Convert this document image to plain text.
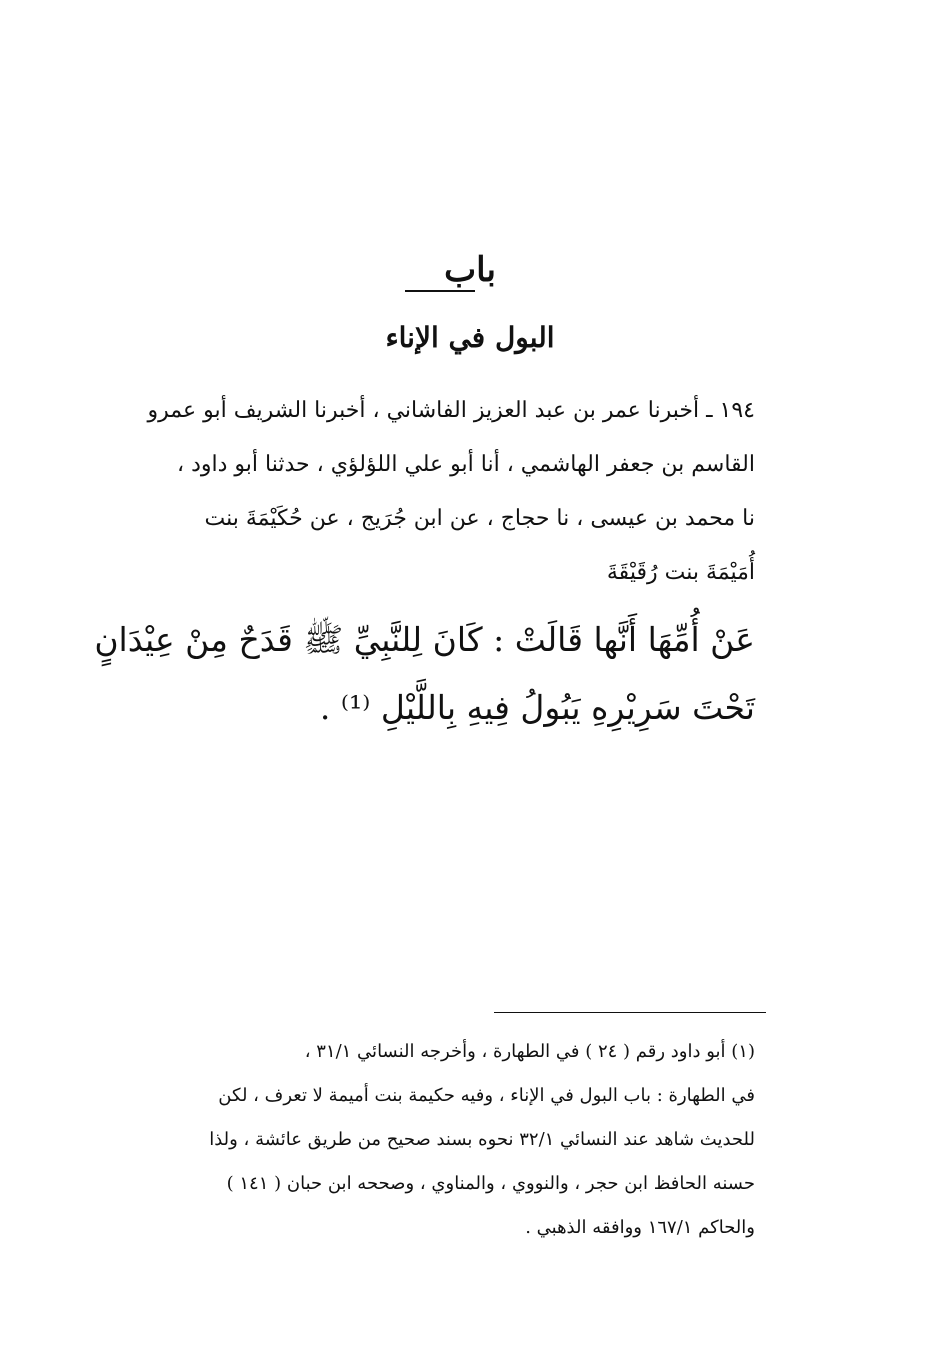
باب
البول في الإناء
١٩٤ ـ أخبرنا عمر بن عبد العزيز الفاشاني ، أخبرنا الشريف أبو عمرو
القاسم بن جعفر الهاشمي ، أنا أبو علي اللؤلؤي ، حدثنا أبو داود ،
نا محمد بن عيسى ، نا حجاج ، عن ابن جُرَيج ، عن حُكَيْمَةَ بنت
أُمَيْمَةَ بنت رُقَيْقَةَ
عَنْ أُمِّهَا أَنَّها قَالَتْ : كَانَ لِلنَّبِيِّ ﷺ قَدَحٌ مِنْ عِيْدَانٍ
تَحْتَ سَرِيْرِهِ يَبُولُ فِيهِ بِاللَّيْلِ ⁽¹⁾ .
(١) أبو داود رقم ( ٢٤ ) في الطهارة ، وأخرجه النسائي ٣١/١ ،
في الطهارة : باب البول في الإناء ، وفيه حكيمة بنت أميمة لا تعرف ، لكن
للحديث شاهد عند النسائي ٣٢/١ نحوه بسند صحيح من طريق عائشة ، ولذا
حسنه الحافظ ابن حجر ، والنووي ، والمناوي ، وصححه ابن حبان ( ١٤١ )
والحاكم ١٦٧/١ ووافقه الذهبي .
